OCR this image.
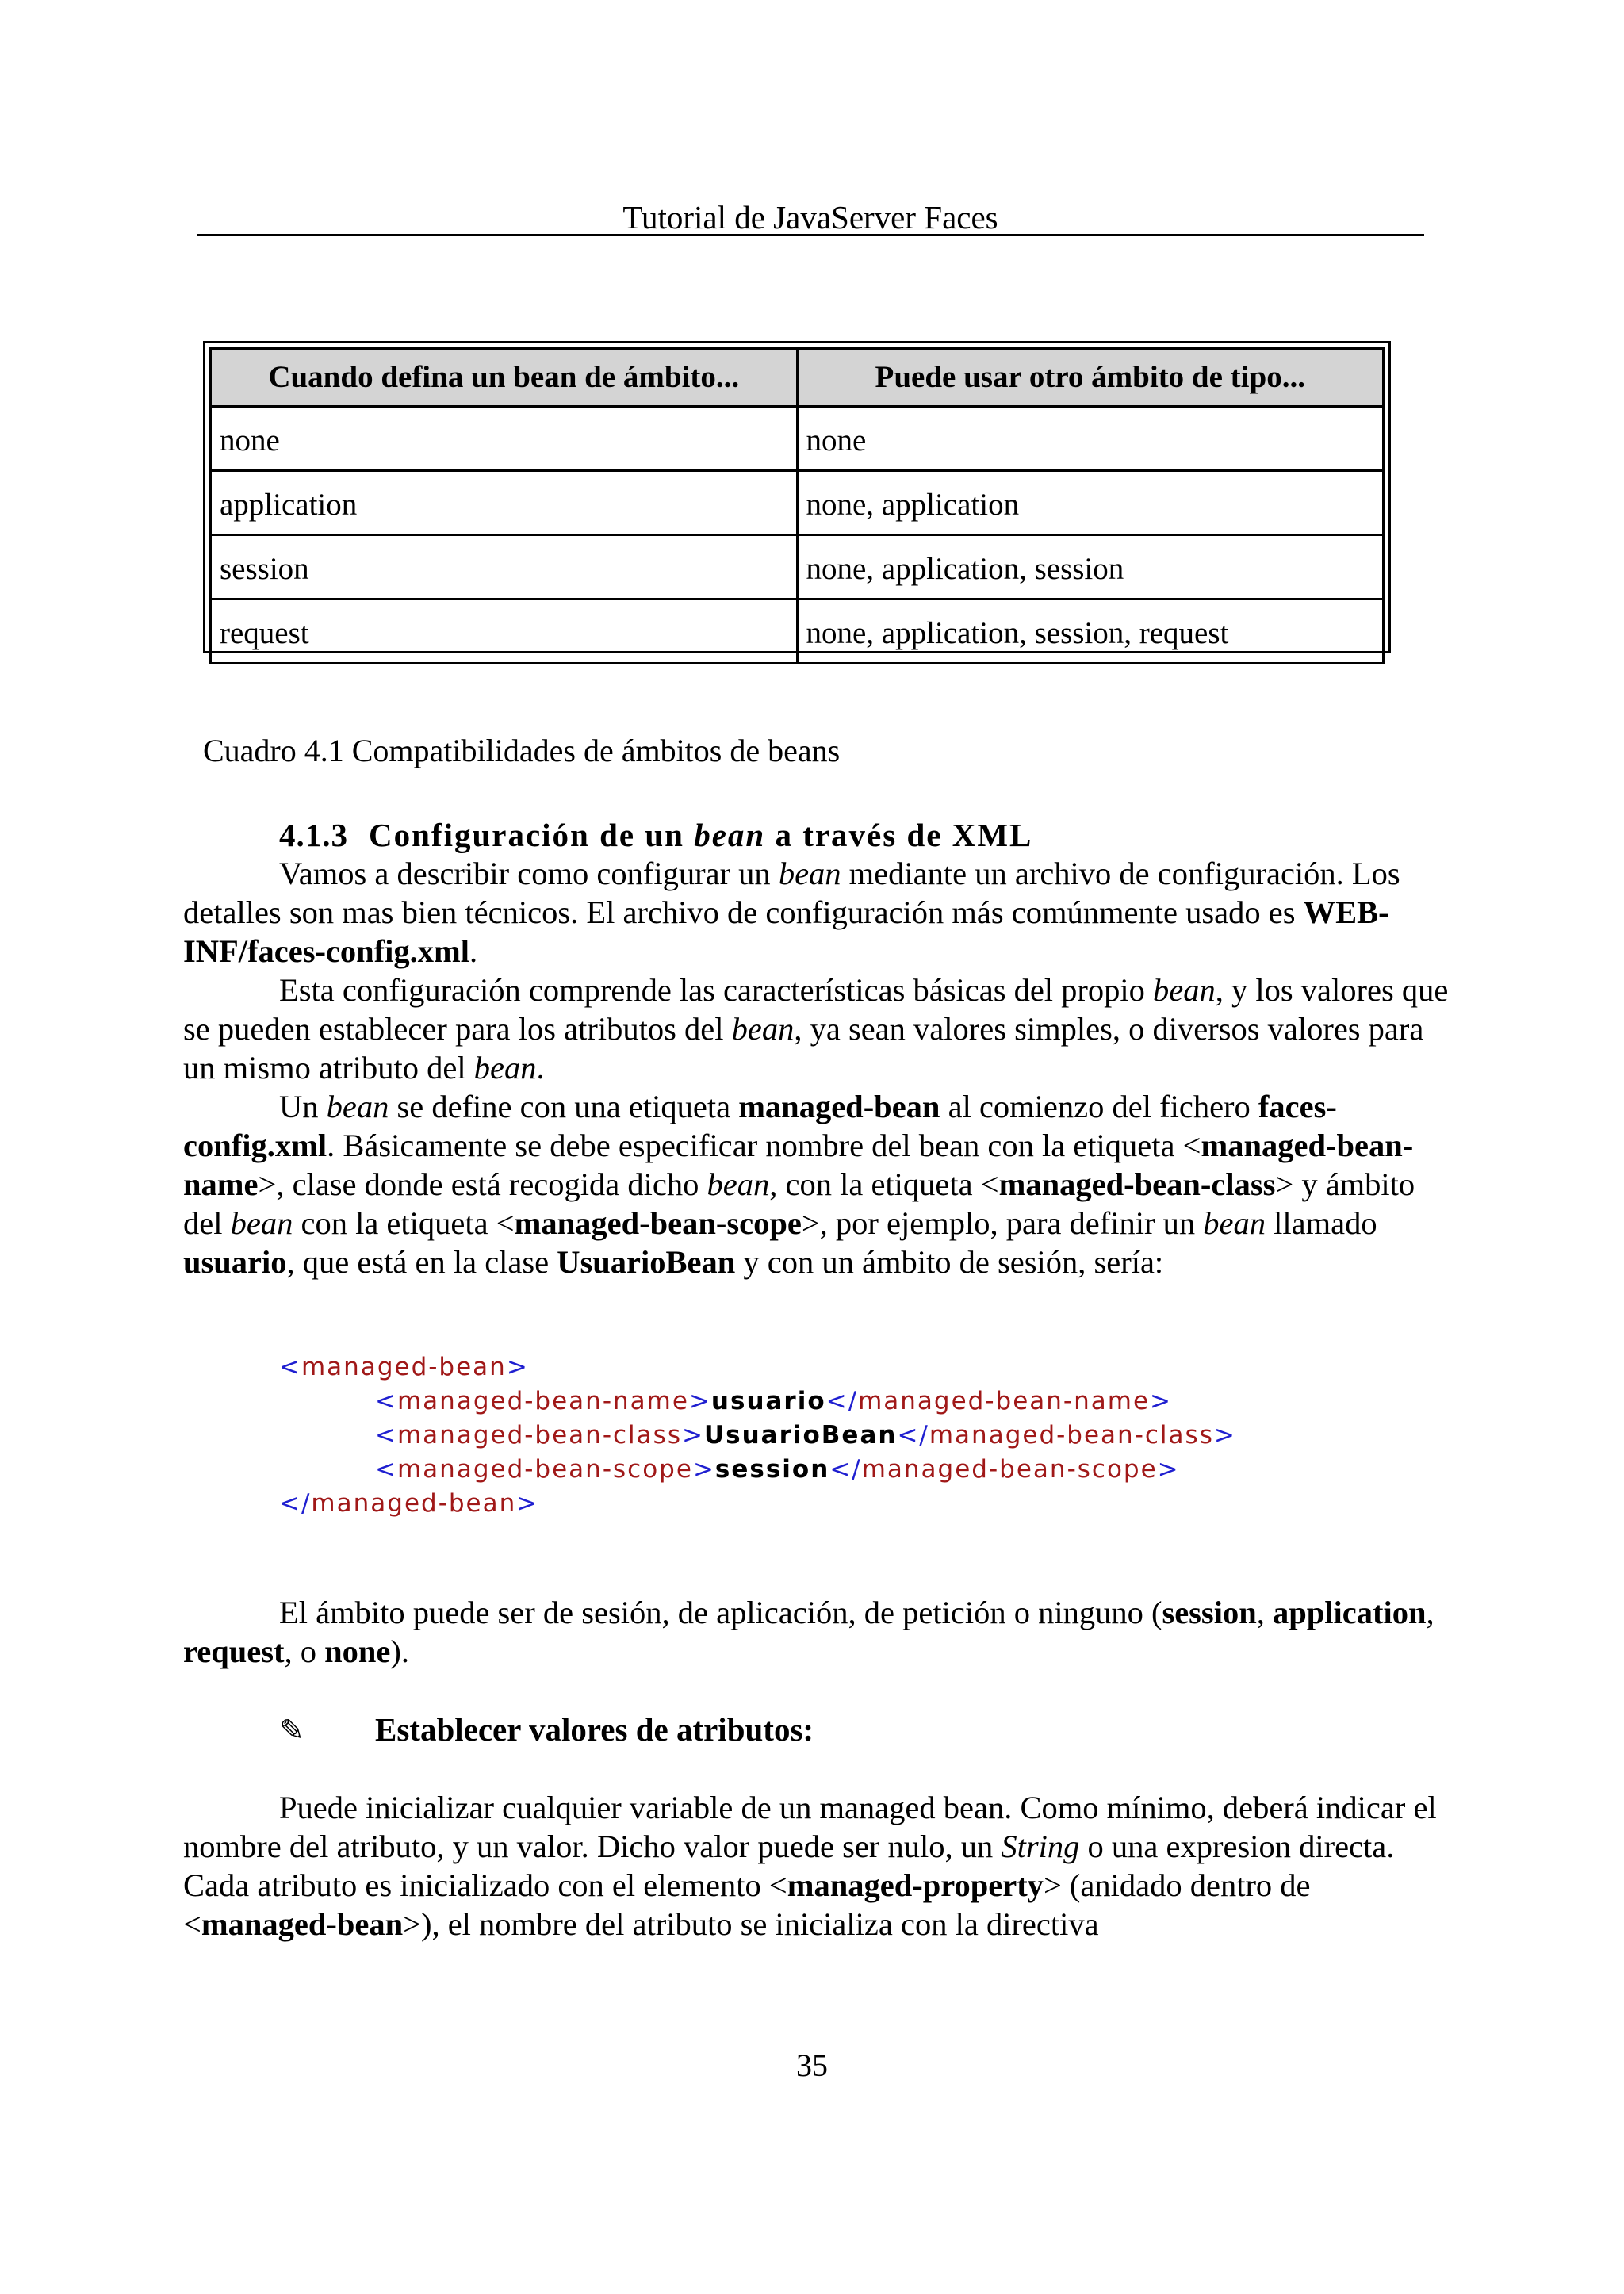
Tutorial de JavaServer Faces
Cuando defina un bean de ámbito...	Puede usar otro ámbito de tipo...
none	none
application	none, application
session	none, application, session
request	none, application, session, request
Cuadro 4.1 Compatibilidades de ámbitos de beans
4.1.3 Configuración de un bean a través de XML

Vamos a describir como configurar un bean mediante un archivo de configuración. Los detalles son mas bien técnicos. El archivo de configuración más comúnmente usado es WEB-INF/faces-config.xml.

Esta configuración comprende las características básicas del propio bean, y los valores que se pueden establecer para los atributos del bean, ya sean valores simples, o diversos valores para un mismo atributo del bean.

Un bean se define con una etiqueta managed-bean al comienzo del fichero faces-config.xml. Básicamente se debe especificar nombre del bean con la etiqueta <managed-bean-name>, clase donde está recogida dicho bean, con la etiqueta <managed-bean-class> y ámbito del bean con la etiqueta <managed-bean-scope>, por ejemplo, para definir un bean llamado usuario, que está en la clase UsuarioBean y con un ámbito de sesión, sería:

<managed-bean>
<managed-bean-name>usuario</managed-bean-name>
<managed-bean-class>UsuarioBean</managed-bean-class>
<managed-bean-scope>session</managed-bean-scope>
</managed-bean>

El ámbito puede ser de sesión, de aplicación, de petición o ninguno (session, application, request, o none).

✎ Establecer valores de atributos:

Puede inicializar cualquier variable de un managed bean. Como mínimo, deberá indicar el nombre del atributo, y un valor. Dicho valor puede ser nulo, un String o una expresion directa. Cada atributo es inicializado con el elemento <managed-property> (anidado dentro de <managed-bean>), el nombre del atributo se inicializa con la directiva

35
